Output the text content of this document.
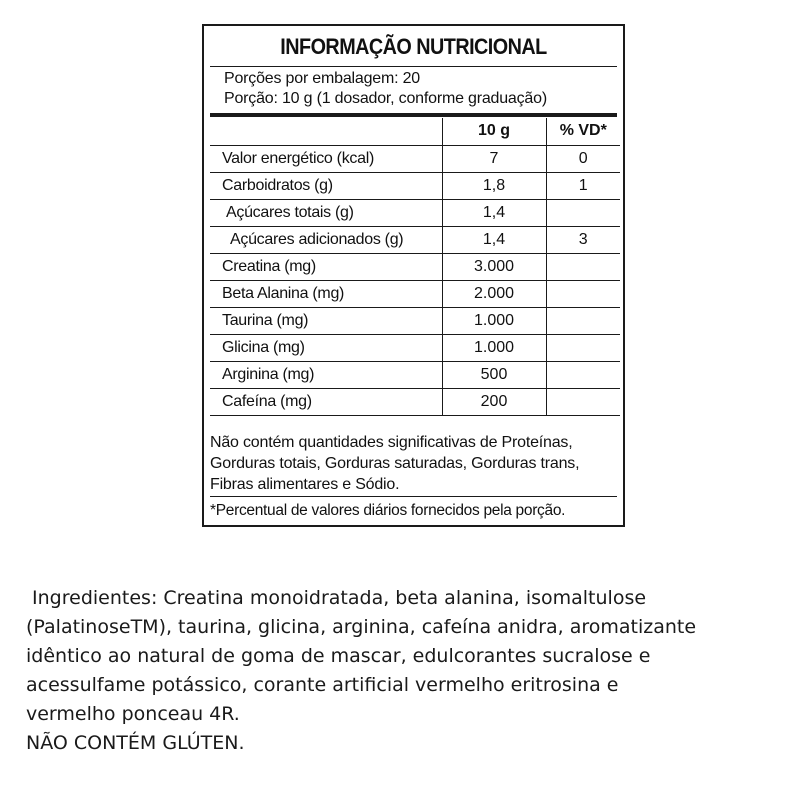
INFORMAÇÃO NUTRICIONAL
Porções por embalagem: 20
Porção: 10 g (1 dosador, conforme graduação)
	10 g	% VD*
Valor energético (kcal)	7	0
Carboidratos (g)	1,8	1
Açúcares totais (g)	1,4	
Açúcares adicionados (g)	1,4	3
Creatina (mg)	3.000	
Beta Alanina (mg)	2.000	
Taurina (mg)	1.000	
Glicina (mg)	1.000	
Arginina (mg)	500	
Cafeína (mg)	200	
Não contém quantidades significativas de Proteínas,
Gorduras totais, Gorduras saturadas, Gorduras trans,
Fibras alimentares e Sódio.
*Percentual de valores diários fornecidos pela porção.

Ingredientes: Creatina monoidratada, beta alanina, isomaltulose

(PalatinoseTM), taurina, glicina, arginina, cafeína anidra, aromatizante

idêntico ao natural de goma de mascar, edulcorantes sucralose e

acessulfame potássico, corante artificial vermelho eritrosina e

vermelho ponceau 4R.

NÃO CONTÉM GLÚTEN.
